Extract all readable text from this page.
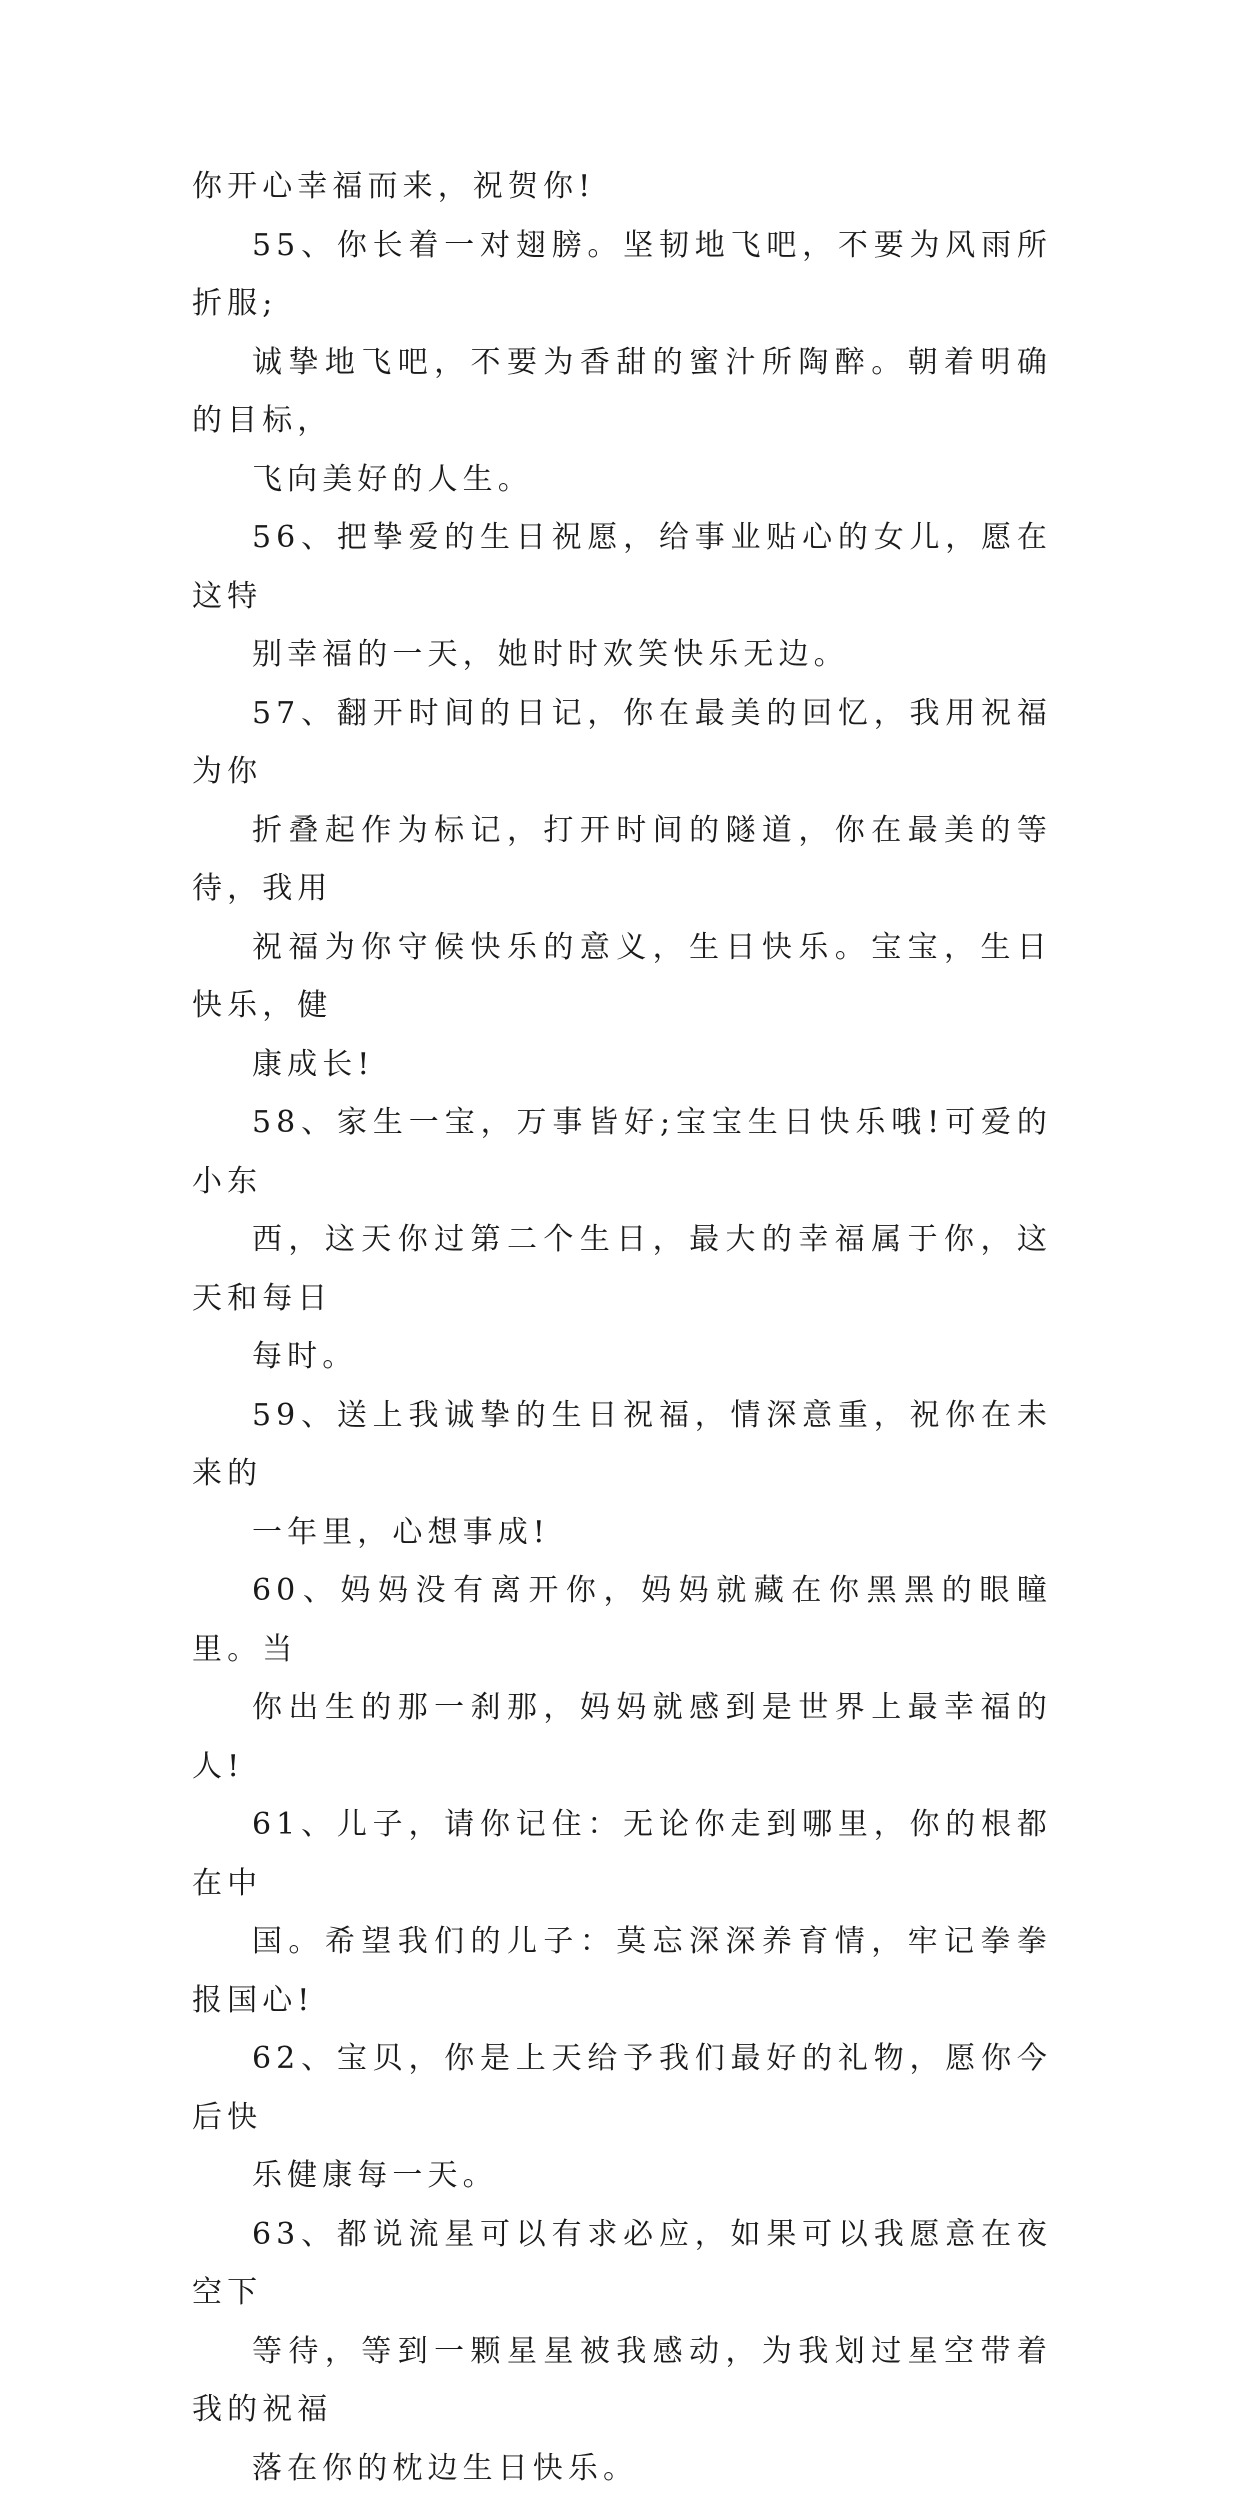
你开心幸福而来，祝贺你!

55、你长着一对翅膀。坚韧地飞吧，不要为风雨所折服;
诚挚地飞吧，不要为香甜的蜜汁所陶醉。朝着明确的目标，
飞向美好的人生。

56、把挚爱的生日祝愿，给事业贴心的女儿，愿在这特
别幸福的一天，她时时欢笑快乐无边。

57、翻开时间的日记，你在最美的回忆，我用祝福为你
折叠起作为标记，打开时间的隧道，你在最美的等待，我用
祝福为你守候快乐的意义，生日快乐。宝宝，生日快乐，健
康成长!

58、家生一宝，万事皆好;宝宝生日快乐哦!可爱的小东
西，这天你过第二个生日，最大的幸福属于你，这天和每日
每时。

59、送上我诚挚的生日祝福，情深意重，祝你在未来的
一年里，心想事成!

60、妈妈没有离开你，妈妈就藏在你黑黑的眼瞳里。当
你出生的那一刹那，妈妈就感到是世界上最幸福的人!

61、儿子，请你记住：无论你走到哪里，你的根都在中
国。希望我们的儿子：莫忘深深养育情，牢记拳拳报国心!

62、宝贝，你是上天给予我们最好的礼物，愿你今后快
乐健康每一天。

63、都说流星可以有求必应，如果可以我愿意在夜空下
等待，等到一颗星星被我感动，为我划过星空带着我的祝福
落在你的枕边生日快乐。
